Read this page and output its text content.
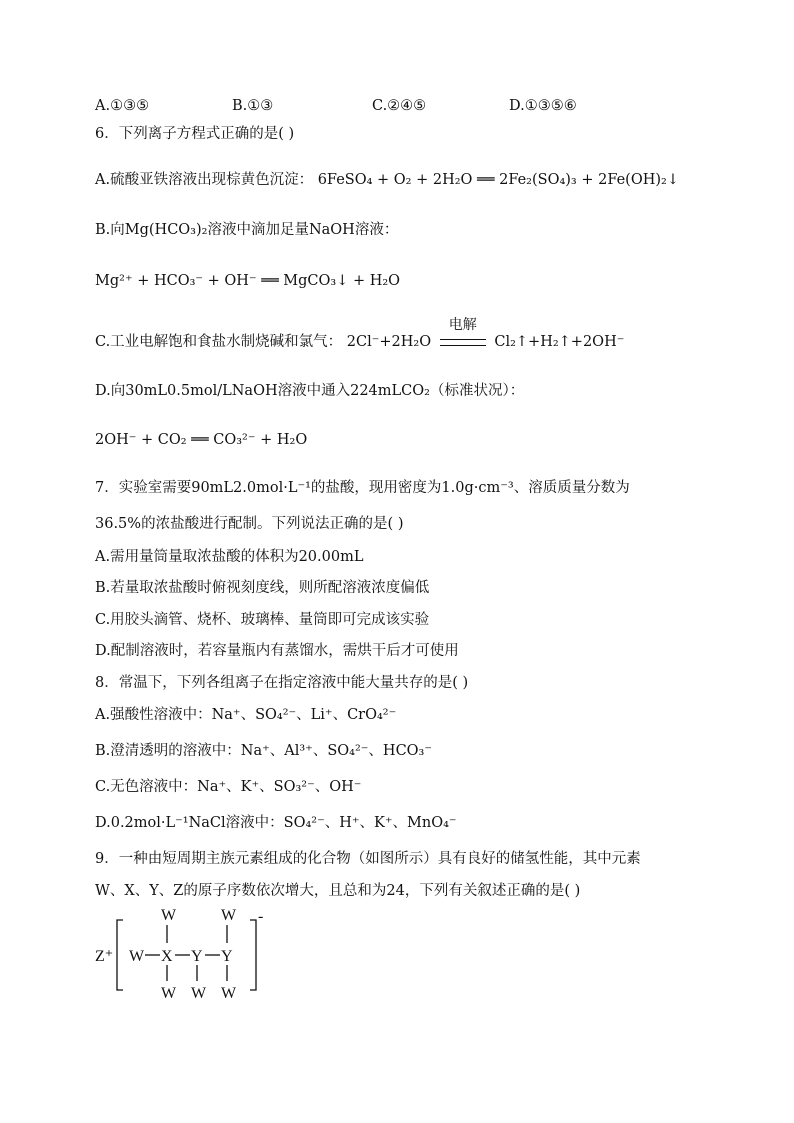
A.①③⑤	B.①③	C.②④⑤	D.①③⑤⑥
6．下列离子方程式正确的是( )
A.硫酸亚铁溶液出现棕黄色沉淀： 6FeSO₄ + O₂ + 2H₂O ══ 2Fe₂(SO₄)₃ + 2Fe(OH)₂↓
B.向Mg(HCO₃)₂溶液中滴加足量NaOH溶液：
Mg²⁺ + HCO₃⁻ + OH⁻ ══ MgCO₃↓ + H₂O
C.工业电解饱和食盐水制烧碱和氯气： 2Cl⁻+2H₂O
电解
Cl₂↑+H₂↑+2OH⁻
D.向30mL0.5mol/LNaOH溶液中通入224mLCO₂（标准状况）：
2OH⁻ + CO₂ ══ CO₃²⁻ + H₂O
7．实验室需要90mL2.0mol·L⁻¹的盐酸，现用密度为1.0g·cm⁻³、溶质质量分数为
36.5%的浓盐酸进行配制。下列说法正确的是( )
A.需用量筒量取浓盐酸的体积为20.00mL
B.若量取浓盐酸时俯视刻度线，则所配溶液浓度偏低
C.用胶头滴管、烧杯、玻璃棒、量筒即可完成该实验
D.配制溶液时，若容量瓶内有蒸馏水，需烘干后才可使用
8．常温下，下列各组离子在指定溶液中能大量共存的是( )
A.强酸性溶液中：Na⁺、SO₄²⁻、Li⁺、CrO₄²⁻
B.澄清透明的溶液中：Na⁺、Al³⁺、SO₄²⁻、HCO₃⁻
C.无色溶液中：Na⁺、K⁺、SO₃²⁻、OH⁻
D.0.2mol·L⁻¹NaCl溶液中：SO₄²⁻、H⁺、K⁺、MnO₄⁻
9．一种由短周期主族元素组成的化合物（如图所示）具有良好的储氢性能，其中元素
W、X、Y、Z的原子序数依次增大，且总和为24，下列有关叙述正确的是( )
Z⁺
-
W X Y Y
W
W W
W
W
